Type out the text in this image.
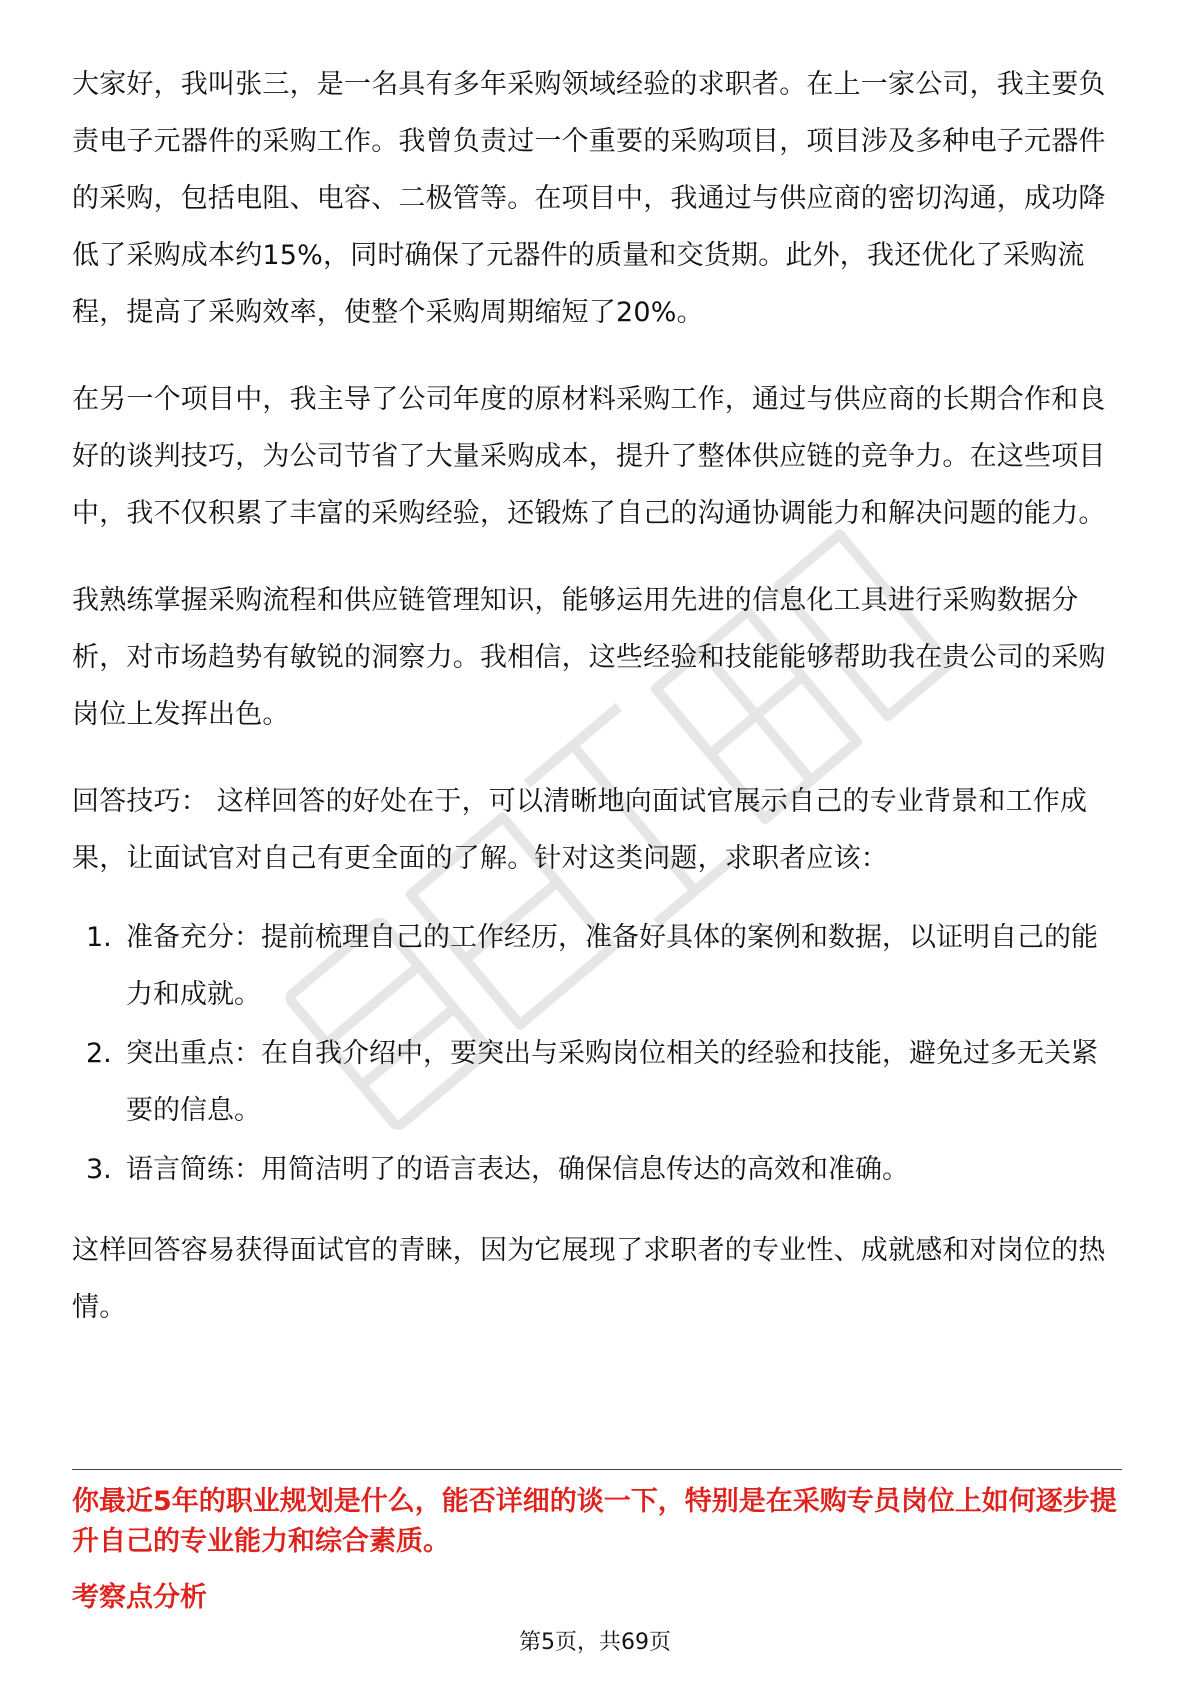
大家好，我叫张三，是一名具有多年采购领域经验的求职者。在上一家公司，我主要负责电子元器件的采购工作。我曾负责过一个重要的采购项目，项目涉及多种电子元器件的采购，包括电阻、电容、二极管等。在项目中，我通过与供应商的密切沟通，成功降低了采购成本约15%，同时确保了元器件的质量和交货期。此外，我还优化了采购流程，提高了采购效率，使整个采购周期缩短了20%。

在另一个项目中，我主导了公司年度的原材料采购工作，通过与供应商的长期合作和良好的谈判技巧，为公司节省了大量采购成本，提升了整体供应链的竞争力。在这些项目中，我不仅积累了丰富的采购经验，还锻炼了自己的沟通协调能力和解决问题的能力。

我熟练掌握采购流程和供应链管理知识，能够运用先进的信息化工具进行采购数据分析，对市场趋势有敏锐的洞察力。我相信，这些经验和技能能够帮助我在贵公司的采购岗位上发挥出色。

回答技巧： 这样回答的好处在于，可以清晰地向面试官展示自己的专业背景和工作成果，让面试官对自己有更全面的了解。针对这类问题，求职者应该：

1. 准备充分：提前梳理自己的工作经历，准备好具体的案例和数据，以证明自己的能力和成就。
2. 突出重点：在自我介绍中，要突出与采购岗位相关的经验和技能，避免过多无关紧要的信息。
3. 语言简练：用简洁明了的语言表达，确保信息传达的高效和准确。

这样回答容易获得面试官的青睐，因为它展现了求职者的专业性、成就感和对岗位的热情。

你最近5年的职业规划是什么，能否详细的谈一下，特别是在采购专员岗位上如何逐步提升自己的专业能力和综合素质。

考察点分析

第5页，共69页
